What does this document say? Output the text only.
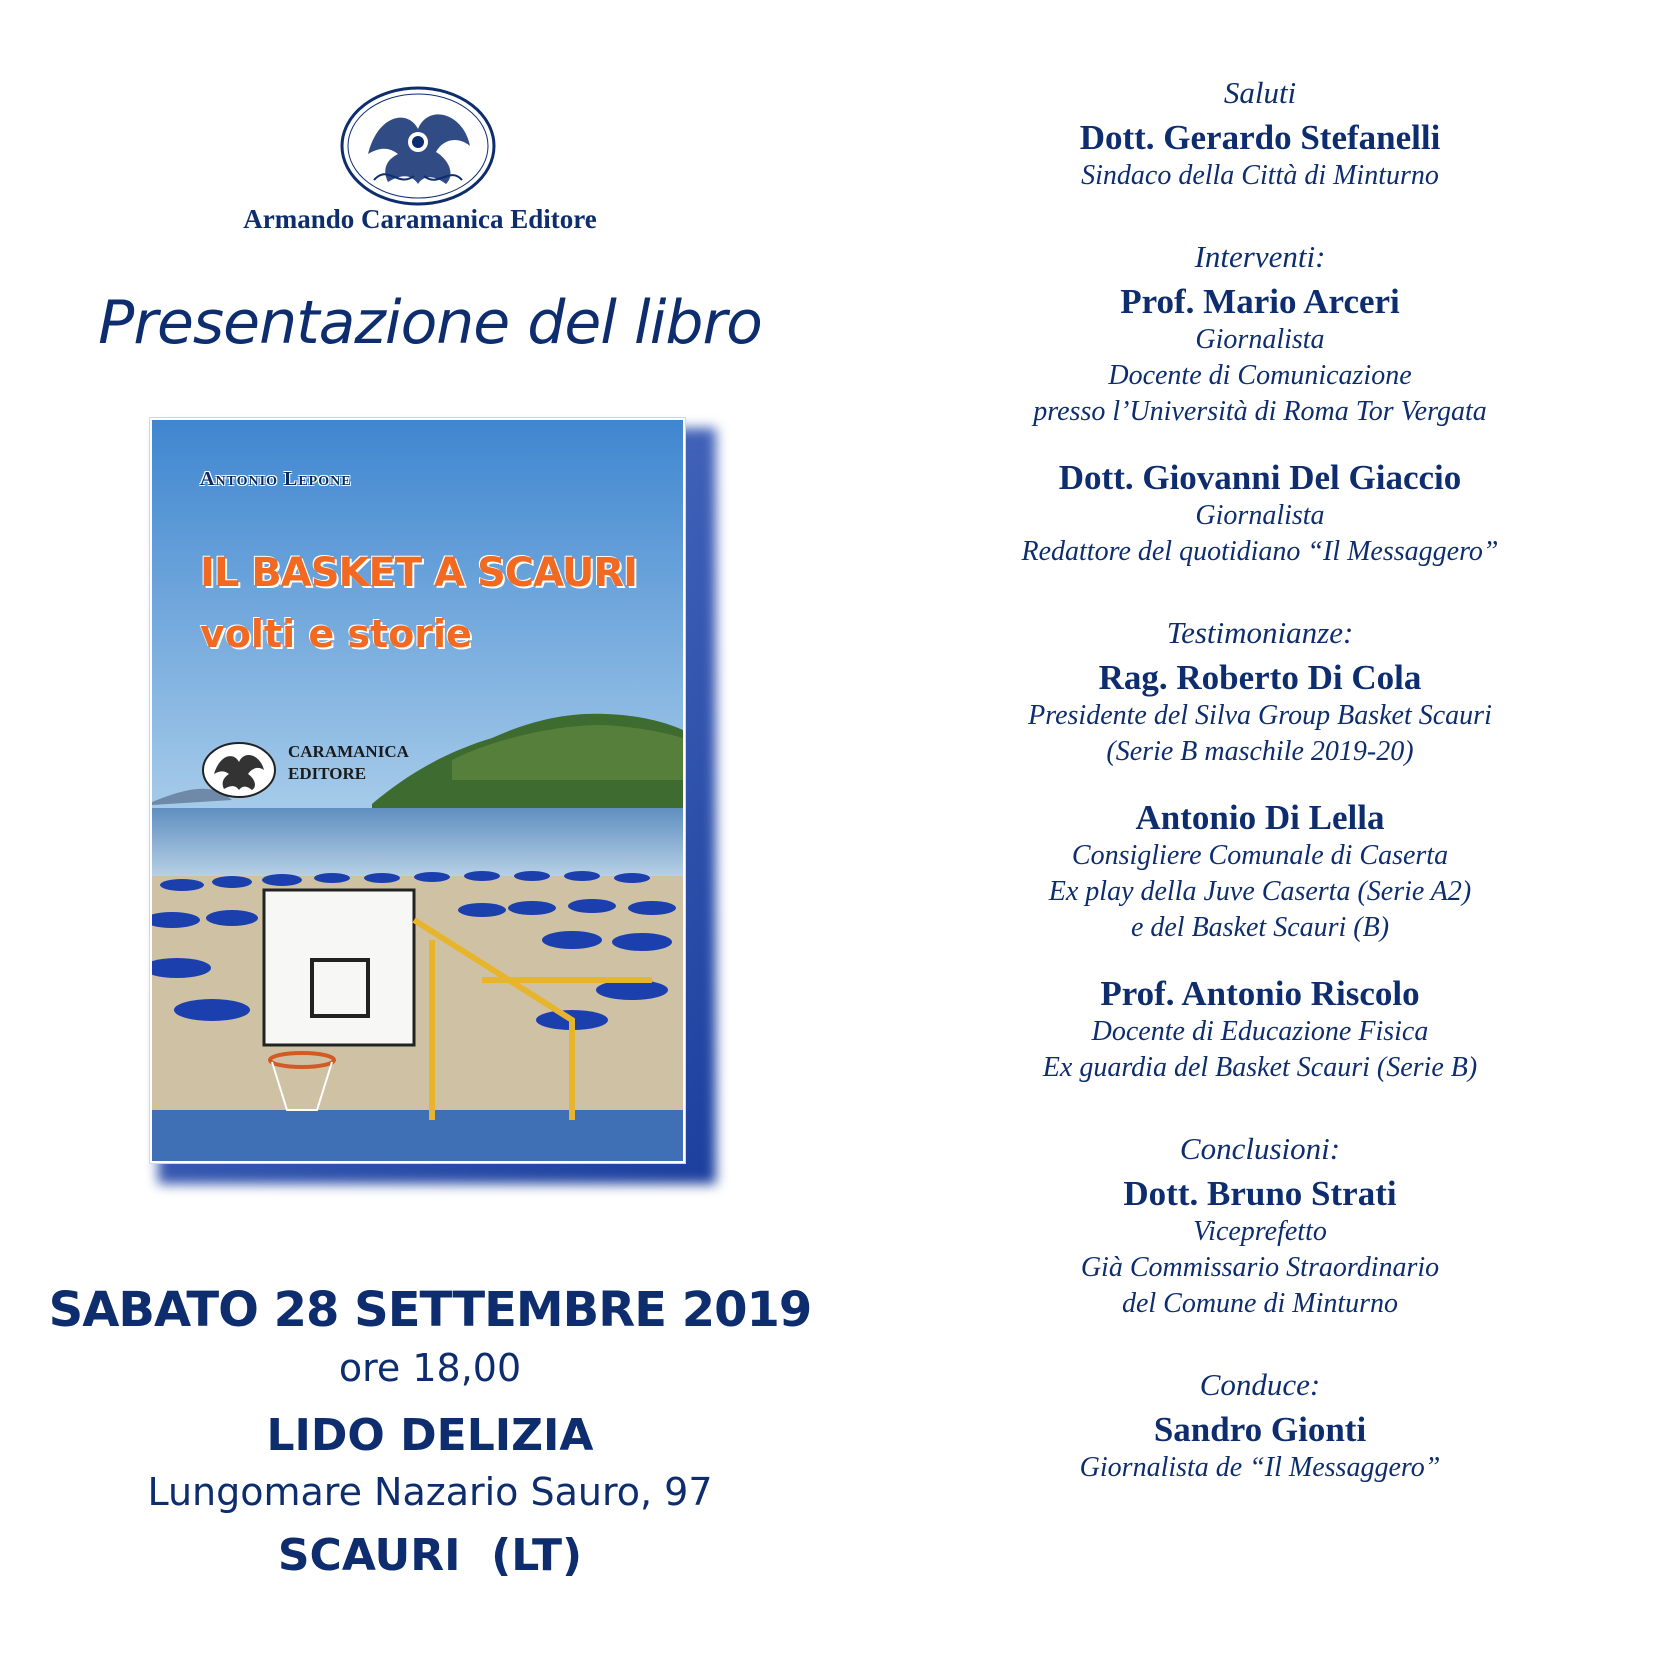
Armando Caramanica Editore
Presentazione del libro
Antonio Lepone
IL BASKET A SCAURI
volti e storie
CARAMANICA
EDITORE
SABATO 28 SETTEMBRE 2019
ore 18,00
LIDO DELIZIA
Lungomare Nazario Sauro, 97
SCAURI  (LT)
Saluti
Dott. Gerardo Stefanelli
Sindaco della Città di Minturno
Interventi:
Prof. Mario Arceri
Giornalista
Docente di Comunicazione
presso l’Università di Roma Tor Vergata
Dott. Giovanni Del Giaccio
Giornalista
Redattore del quotidiano “Il Messaggero”
Testimonianze:
Rag. Roberto Di Cola
Presidente del Silva Group Basket Scauri
(Serie B maschile 2019-20)
Antonio Di Lella
Consigliere Comunale di Caserta
Ex play della Juve Caserta (Serie A2)
e del Basket Scauri (B)
Prof. Antonio Riscolo
Docente di Educazione Fisica
Ex guardia del Basket Scauri (Serie B)
Conclusioni:
Dott. Bruno Strati
Viceprefetto
Già Commissario Straordinario
del Comune di Minturno
Conduce:
Sandro Gionti
Giornalista de “Il Messaggero”
